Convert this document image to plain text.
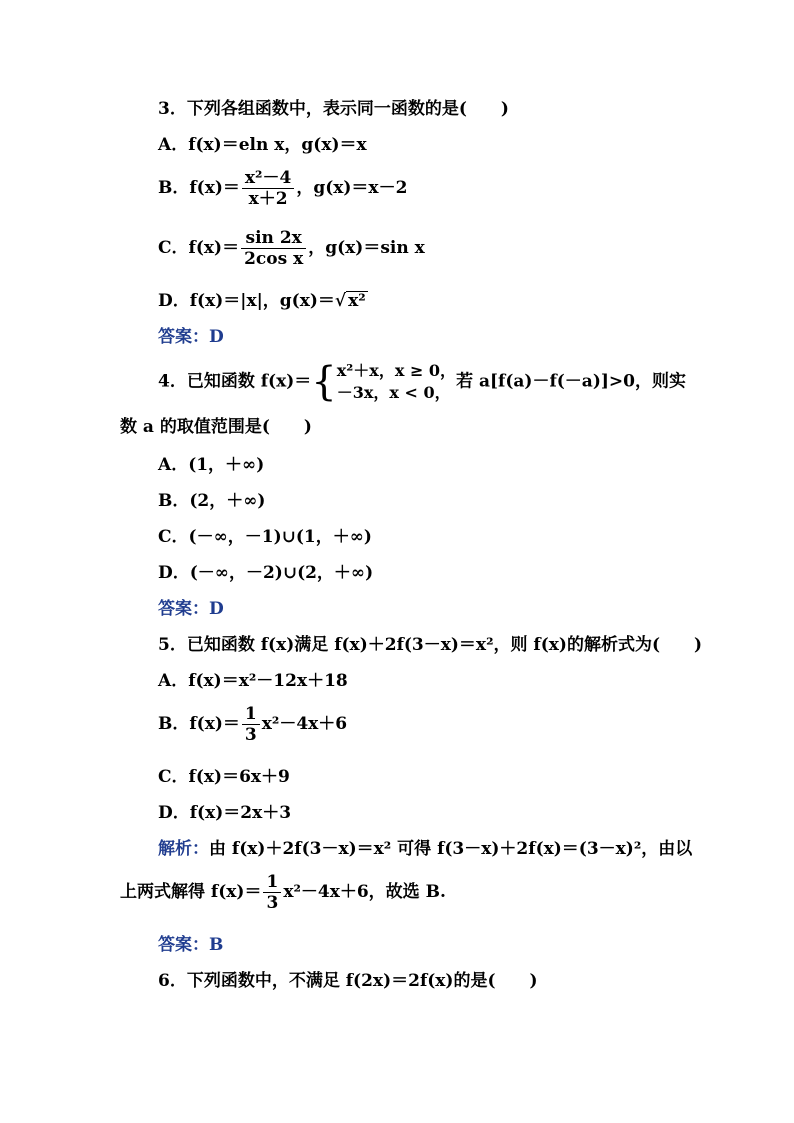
3．下列各组函数中，表示同一函数的是(　　)
A．f(x)＝eln x，g(x)＝x
B．$f(x)= \frac{\text{x²－4}}{x+2}$ ，g(x)＝x－2
C．$f(x)= \frac{\sin 2x}{\text{2cos x}}$ ，g(x)＝sin x
D．f(x)＝|x|，g(x)＝√ x²
答案：D
4．已知函数 f(x)＝{ x²＋x，x ≥ 0，
－3x，x < 0，
若 a[f(a)－f(－a)]>0，则实
数 a 的取值范围是(　　)
A．(1，＋∞)
B．(2，＋∞)
C．(－∞，－1)∪(1，＋∞)
D．(－∞，－2)∪(2，＋∞)
答案：D
5．已知函数 f(x)满足 f(x)＋2f(3－x)＝x²，则 f(x)的解析式为(　　)
A．f(x)＝x²－12x＋18
B．$f(x)= \frac{1}{3} x^2-4x+6$
C．f(x)＝6x＋9
D．f(x)＝2x＋3
解析：由 f(x)＋2f(3－x)＝x² 可得 f(3－x)＋2f(x)＝(3－x)²，由以
上两式解得 $f(x)= \frac{1}{3} x^2-4x+6$，故选 B.
答案：B
6．下列函数中，不满足 f(2x)＝2f(x)的是(　　)
